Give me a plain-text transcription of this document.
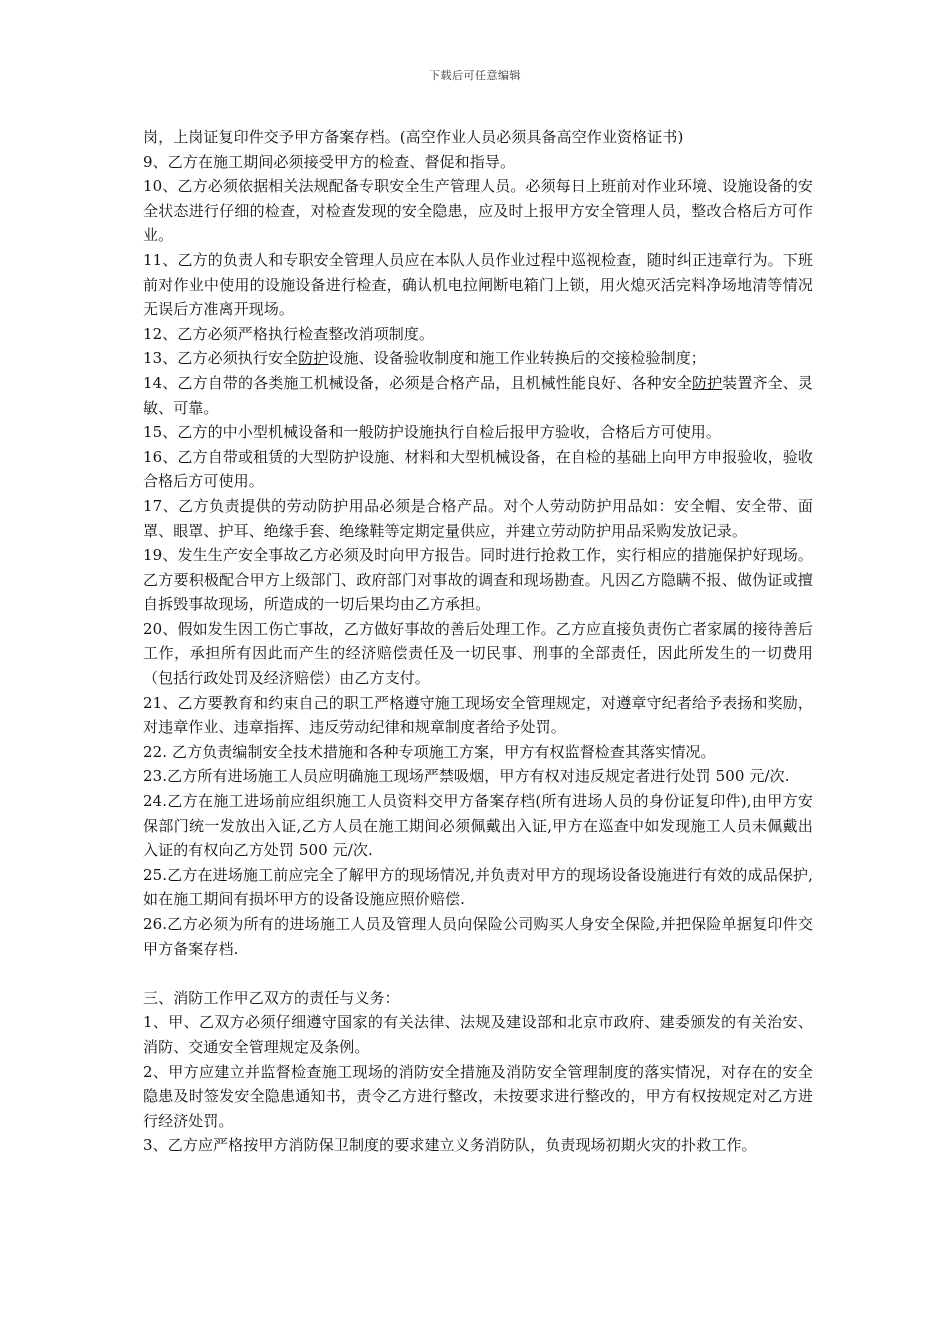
下载后可任意编辑

岗，上岗证复印件交予甲方备案存档。(高空作业人员必须具备高空作业资格证书)

9、乙方在施工期间必须接受甲方的检查、督促和指导。

10、乙方必须依据相关法规配备专职安全生产管理人员。必须每日上班前对作业环境、设施设备的安全状态进行仔细的检查，对检查发现的安全隐患，应及时上报甲方安全管理人员，整改合格后方可作业。

11、乙方的负责人和专职安全管理人员应在本队人员作业过程中巡视检查，随时纠正违章行为。下班前对作业中使用的设施设备进行检查，确认机电拉闸断电箱门上锁，用火熄灭活完料净场地清等情况无误后方准离开现场。

12、乙方必须严格执行检查整改消项制度。

13、乙方必须执行安全防护设施、设备验收制度和施工作业转换后的交接检验制度；

14、乙方自带的各类施工机械设备，必须是合格产品，且机械性能良好、各种安全防护装置齐全、灵敏、可靠。

15、乙方的中小型机械设备和一般防护设施执行自检后报甲方验收，合格后方可使用。

16、乙方自带或租赁的大型防护设施、材料和大型机械设备，在自检的基础上向甲方申报验收，验收合格后方可使用。

17、乙方负责提供的劳动防护用品必须是合格产品。对个人劳动防护用品如：安全帽、安全带、面罩、眼罩、护耳、绝缘手套、绝缘鞋等定期定量供应，并建立劳动防护用品采购发放记录。

19、发生生产安全事故乙方必须及时向甲方报告。同时进行抢救工作，实行相应的措施保护好现场。乙方要积极配合甲方上级部门、政府部门对事故的调查和现场勘查。凡因乙方隐瞒不报、做伪证或擅自拆毁事故现场，所造成的一切后果均由乙方承担。

20、假如发生因工伤亡事故，乙方做好事故的善后处理工作。乙方应直接负责伤亡者家属的接待善后工作，承担所有因此而产生的经济赔偿责任及一切民事、刑事的全部责任，因此所发生的一切费用（包括行政处罚及经济赔偿）由乙方支付。

21、乙方要教育和约束自己的职工严格遵守施工现场安全管理规定，对遵章守纪者给予表扬和奖励，对违章作业、违章指挥、违反劳动纪律和规章制度者给予处罚。

22. 乙方负责编制安全技术措施和各种专项施工方案，甲方有权监督检查其落实情况。

23.乙方所有进场施工人员应明确施工现场严禁吸烟，甲方有权对违反规定者进行处罚 500 元/次.

24.乙方在施工进场前应组织施工人员资料交甲方备案存档(所有进场人员的身份证复印件),由甲方安保部门统一发放出入证,乙方人员在施工期间必须佩戴出入证,甲方在巡查中如发现施工人员未佩戴出入证的有权向乙方处罚 500 元/次.

25.乙方在进场施工前应完全了解甲方的现场情况,并负责对甲方的现场设备设施进行有效的成品保护,如在施工期间有损坏甲方的设备设施应照价赔偿.

26.乙方必须为所有的进场施工人员及管理人员向保险公司购买人身安全保险,并把保险单据复印件交甲方备案存档.

三、消防工作甲乙双方的责任与义务：

1、甲、乙双方必须仔细遵守国家的有关法律、法规及建设部和北京市政府、建委颁发的有关治安、消防、交通安全管理规定及条例。

2、甲方应建立并监督检查施工现场的消防安全措施及消防安全管理制度的落实情况，对存在的安全隐患及时签发安全隐患通知书，责令乙方进行整改，未按要求进行整改的，甲方有权按规定对乙方进行经济处罚。

3、乙方应严格按甲方消防保卫制度的要求建立义务消防队，负责现场初期火灾的扑救工作。
